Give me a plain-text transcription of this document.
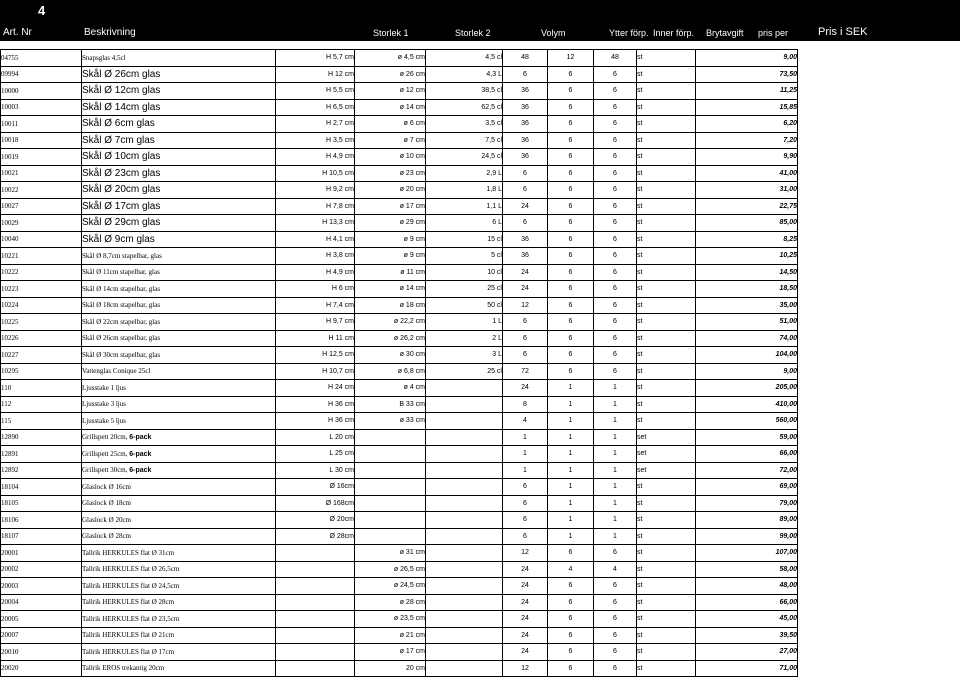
4
Art. Nr	Beskrivning	Storlek 1	Storlek 2	Volym	Ytter förp. Inner förp. Brytavgift pris per	Pris i SEK
04755	Snapsglas 4,5cl	H 5,7 cm	ø 4,5 cm	4,5 cl	48	12	48	st	9,00
09994	Skål Ø 26cm glas	H 12 cm	ø 26 cm	4,3 L	6	6	6	st	73,50
10000	Skål Ø 12cm glas	H 5,5 cm	ø 12 cm	38,5 cl	36	6	6	st	11,25
10003	Skål Ø 14cm glas	H 6,5 cm	ø 14 cm	62,5 cl	36	6	6	st	15,85
10011	Skål Ø 6cm glas	H 2,7 cm	ø 6 cm	3,5 cl	36	6	6	st	6,20
10018	Skål Ø 7cm glas	H 3,5 cm	ø 7 cm	7,5 cl	36	6	6	st	7,20
10019	Skål Ø 10cm glas	H 4,9 cm	ø 10 cm	24,5 cl	36	6	6	st	9,90
10021	Skål Ø 23cm glas	H 10,5 cm	ø 23 cm	2,9 L	6	6	6	st	41,00
10022	Skål Ø 20cm glas	H 9,2 cm	ø 20 cm	1,8 L	6	6	6	st	31,00
10027	Skål Ø 17cm glas	H 7,8 cm	ø 17 cm	1,1 L	24	6	6	st	22,75
10029	Skål Ø 29cm glas	H 13,3 cm	ø 29 cm	6 L	6	6	6	st	85,00
10040	Skål Ø 9cm glas	H 4,1 cm	ø 9 cm	15 cl	36	6	6	st	8,25
10221	Skål Ø 8,7cm stapelbar, glas	H 3,8 cm	ø 9 cm	5 cl	36	6	6	st	10,25
10222	Skål Ø 11cm stapelbar, glas	H 4,9 cm	ø 11 cm	10 cl	24	6	6	st	14,50
10223	Skål Ø 14cm stapelbar, glas	H 6 cm	ø 14 cm	25 cl	24	6	6	st	18,50
10224	Skål Ø 18cm stapelbar, glas	H 7,4 cm	ø 18 cm	50 cl	12	6	6	st	35,00
10225	Skål Ø 22cm stapelbar, glas	H 9,7 cm	ø 22,2 cm	1 L	6	6	6	st	51,00
10226	Skål Ø 26cm stapelbar, glas	H 11 cm	ø 26,2 cm	2 L	6	6	6	st	74,00
10227	Skål Ø 30cm stapelbar, glas	H 12,5 cm	ø 30 cm	3 L	6	6	6	st	104,00
10295	Vattenglas Conique 25cl	H 10,7 cm	ø 6,8 cm	25 cl	72	6	6	st	9,00
110	Ljusstake 1 ljus	H 24 cm	ø 4 cm		24	1	1	st	205,00
112	Ljusstake 3 ljus	H 36 cm	B 33 cm		8	1	1	st	410,00
115	Ljusstake 5 ljus	H 36 cm	ø 33 cm		4	1	1	st	560,00
12890	Grillspett 20cm, 6-pack	L 20 cm			1	1	1	set	59,00
12891	Grillspett 25cm, 6-pack	L 25 cm			1	1	1	set	66,00
12892	Grillspett 30cm, 6-pack	L 30 cm			1	1	1	set	72,00
18104	Glaslock Ø 16cm	Ø 16cm			6	1	1	st	69,00
18105	Glaslock Ø 18cm	Ø 168cm			6	1	1	st	79,00
18106	Glaslock Ø 20cm	Ø 20cm			6	1	1	st	89,00
18107	Glaslock Ø 28cm	Ø 28cm			6	1	1	st	99,00
20001	Tallrik HERKULES flat Ø 31cm		ø 31 cm		12	6	6	st	107,00
20002	Tallrik HERKULES flat Ø 26,5cm		ø 26,5 cm		24	4	4	st	58,00
20003	Tallrik HERKULES flat Ø 24,5cm		ø 24,5 cm		24	6	6	st	48,00
20004	Tallrik HERKULES flat Ø 28cm		ø 28 cm		24	6	6	st	66,00
20005	Tallrik HERKULES flat Ø 23,5cm		ø 23,5 cm		24	6	6	st	45,00
20007	Tallrik HERKULES flat Ø 21cm		ø 21 cm		24	6	6	st	39,50
20010	Tallrik HERKULES flat Ø 17cm		ø 17 cm		24	6	6	st	27,00
20020	Tallrik EROS trekantig 20cm		20 cm		12	6	6	st	71,00
